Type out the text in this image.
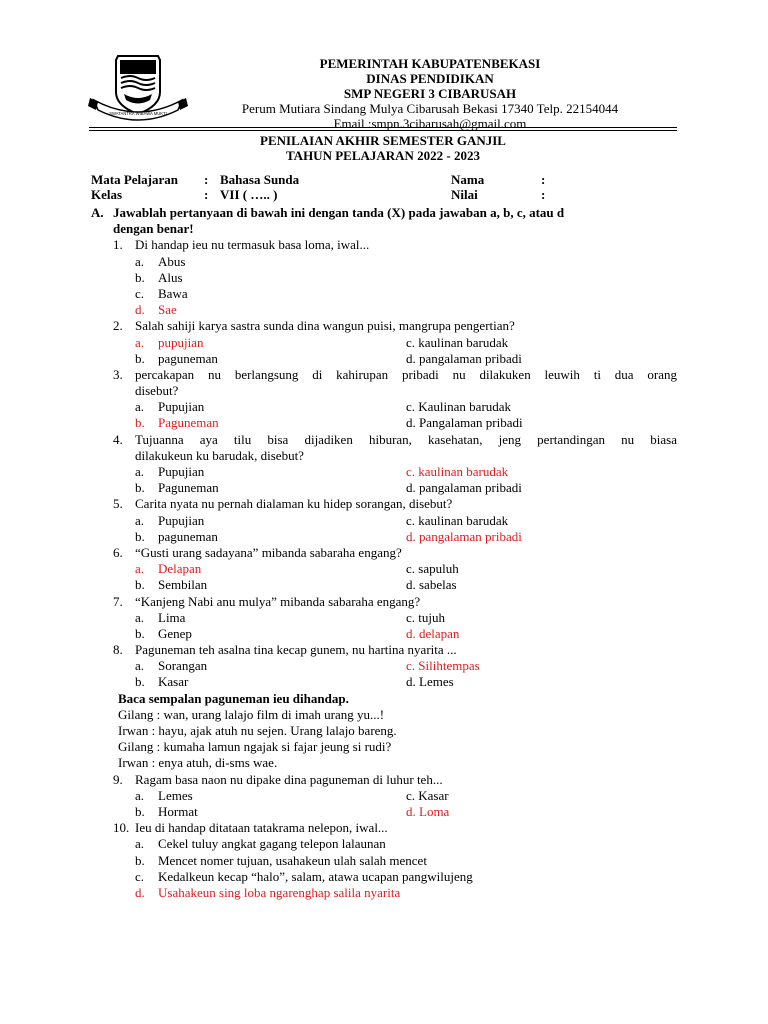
SWATANTRA WIBAWA MUKTI
PEMERINTAH KABUPATENBEKASI
DINAS PENDIDIKAN
SMP NEGERI 3 CIBARUSAH
Perum Mutiara Sindang Mulya Cibarusah Bekasi 17340 Telp. 22154044
Email :smpn.3cibarusah@gmail.com
PENILAIAN AKHIR SEMESTER GANJIL
TAHUN PELAJARAN 2022 - 2023
Mata Pelajaran : Bahasa Sunda
Kelas	: VII ( ….. )
Nama	:
Nilai	:
A. Jawablah pertanyaan di bawah ini dengan tanda (X) pada jawaban a, b, c, atau d
dengan benar!
1. Di handap ieu nu termasuk basa loma, iwal...
a. Abus
b. Alus
c. Bawa
d. Sae
2. Salah sahiji karya sastra sunda dina wangun puisi, mangrupa pengertian?
a. pupujian	c. kaulinan barudak
b. paguneman	d. pangalaman pribadi
3. percakapan nu berlangsung di kahirupan pribadi nu dilakuken leuwih ti dua orang
disebut?
a. Pupujian	c. Kaulinan barudak
b. Paguneman	d. Pangalaman pribadi
4. Tujuanna aya tilu bisa dijadiken hiburan, kasehatan, jeng pertandingan nu biasa
dilakukeun ku barudak, disebut?
a. Pupujian	c. kaulinan barudak
b. Paguneman	d. pangalaman pribadi
5. Carita nyata nu pernah dialaman ku hidep sorangan, disebut?
a. Pupujian	c. kaulinan barudak
b. paguneman	d. pangalaman pribadi
6. “Gusti urang sadayana” mibanda sabaraha engang?
a. Delapan	c. sapuluh
b. Sembilan	d. sabelas
7. “Kanjeng Nabi anu mulya” mibanda sabaraha engang?
a. Lima	c. tujuh
b. Genep	d. delapan
8. Paguneman teh asalna tina kecap gunem, nu hartina nyarita ...
a. Sorangan	c. Silihtempas
b. Kasar	d. Lemes
Baca sempalan paguneman ieu dihandap.
Gilang : wan, urang lalajo film di imah urang yu...!
Irwan : hayu, ajak atuh nu sejen. Urang lalajo bareng.
Gilang : kumaha lamun ngajak si fajar jeung si rudi?
Irwan : enya atuh, di-sms wae.
9. Ragam basa naon nu dipake dina paguneman di luhur teh...
a. Lemes	c. Kasar
b. Hormat	d. Loma
10. Ieu di handap ditataan tatakrama nelepon, iwal...
a. Cekel tuluy angkat gagang telepon lalaunan
b. Mencet nomer tujuan, usahakeun ulah salah mencet
c. Kedalkeun kecap “halo”, salam, atawa ucapan pangwilujeng
d. Usahakeun sing loba ngarenghap salila nyarita
